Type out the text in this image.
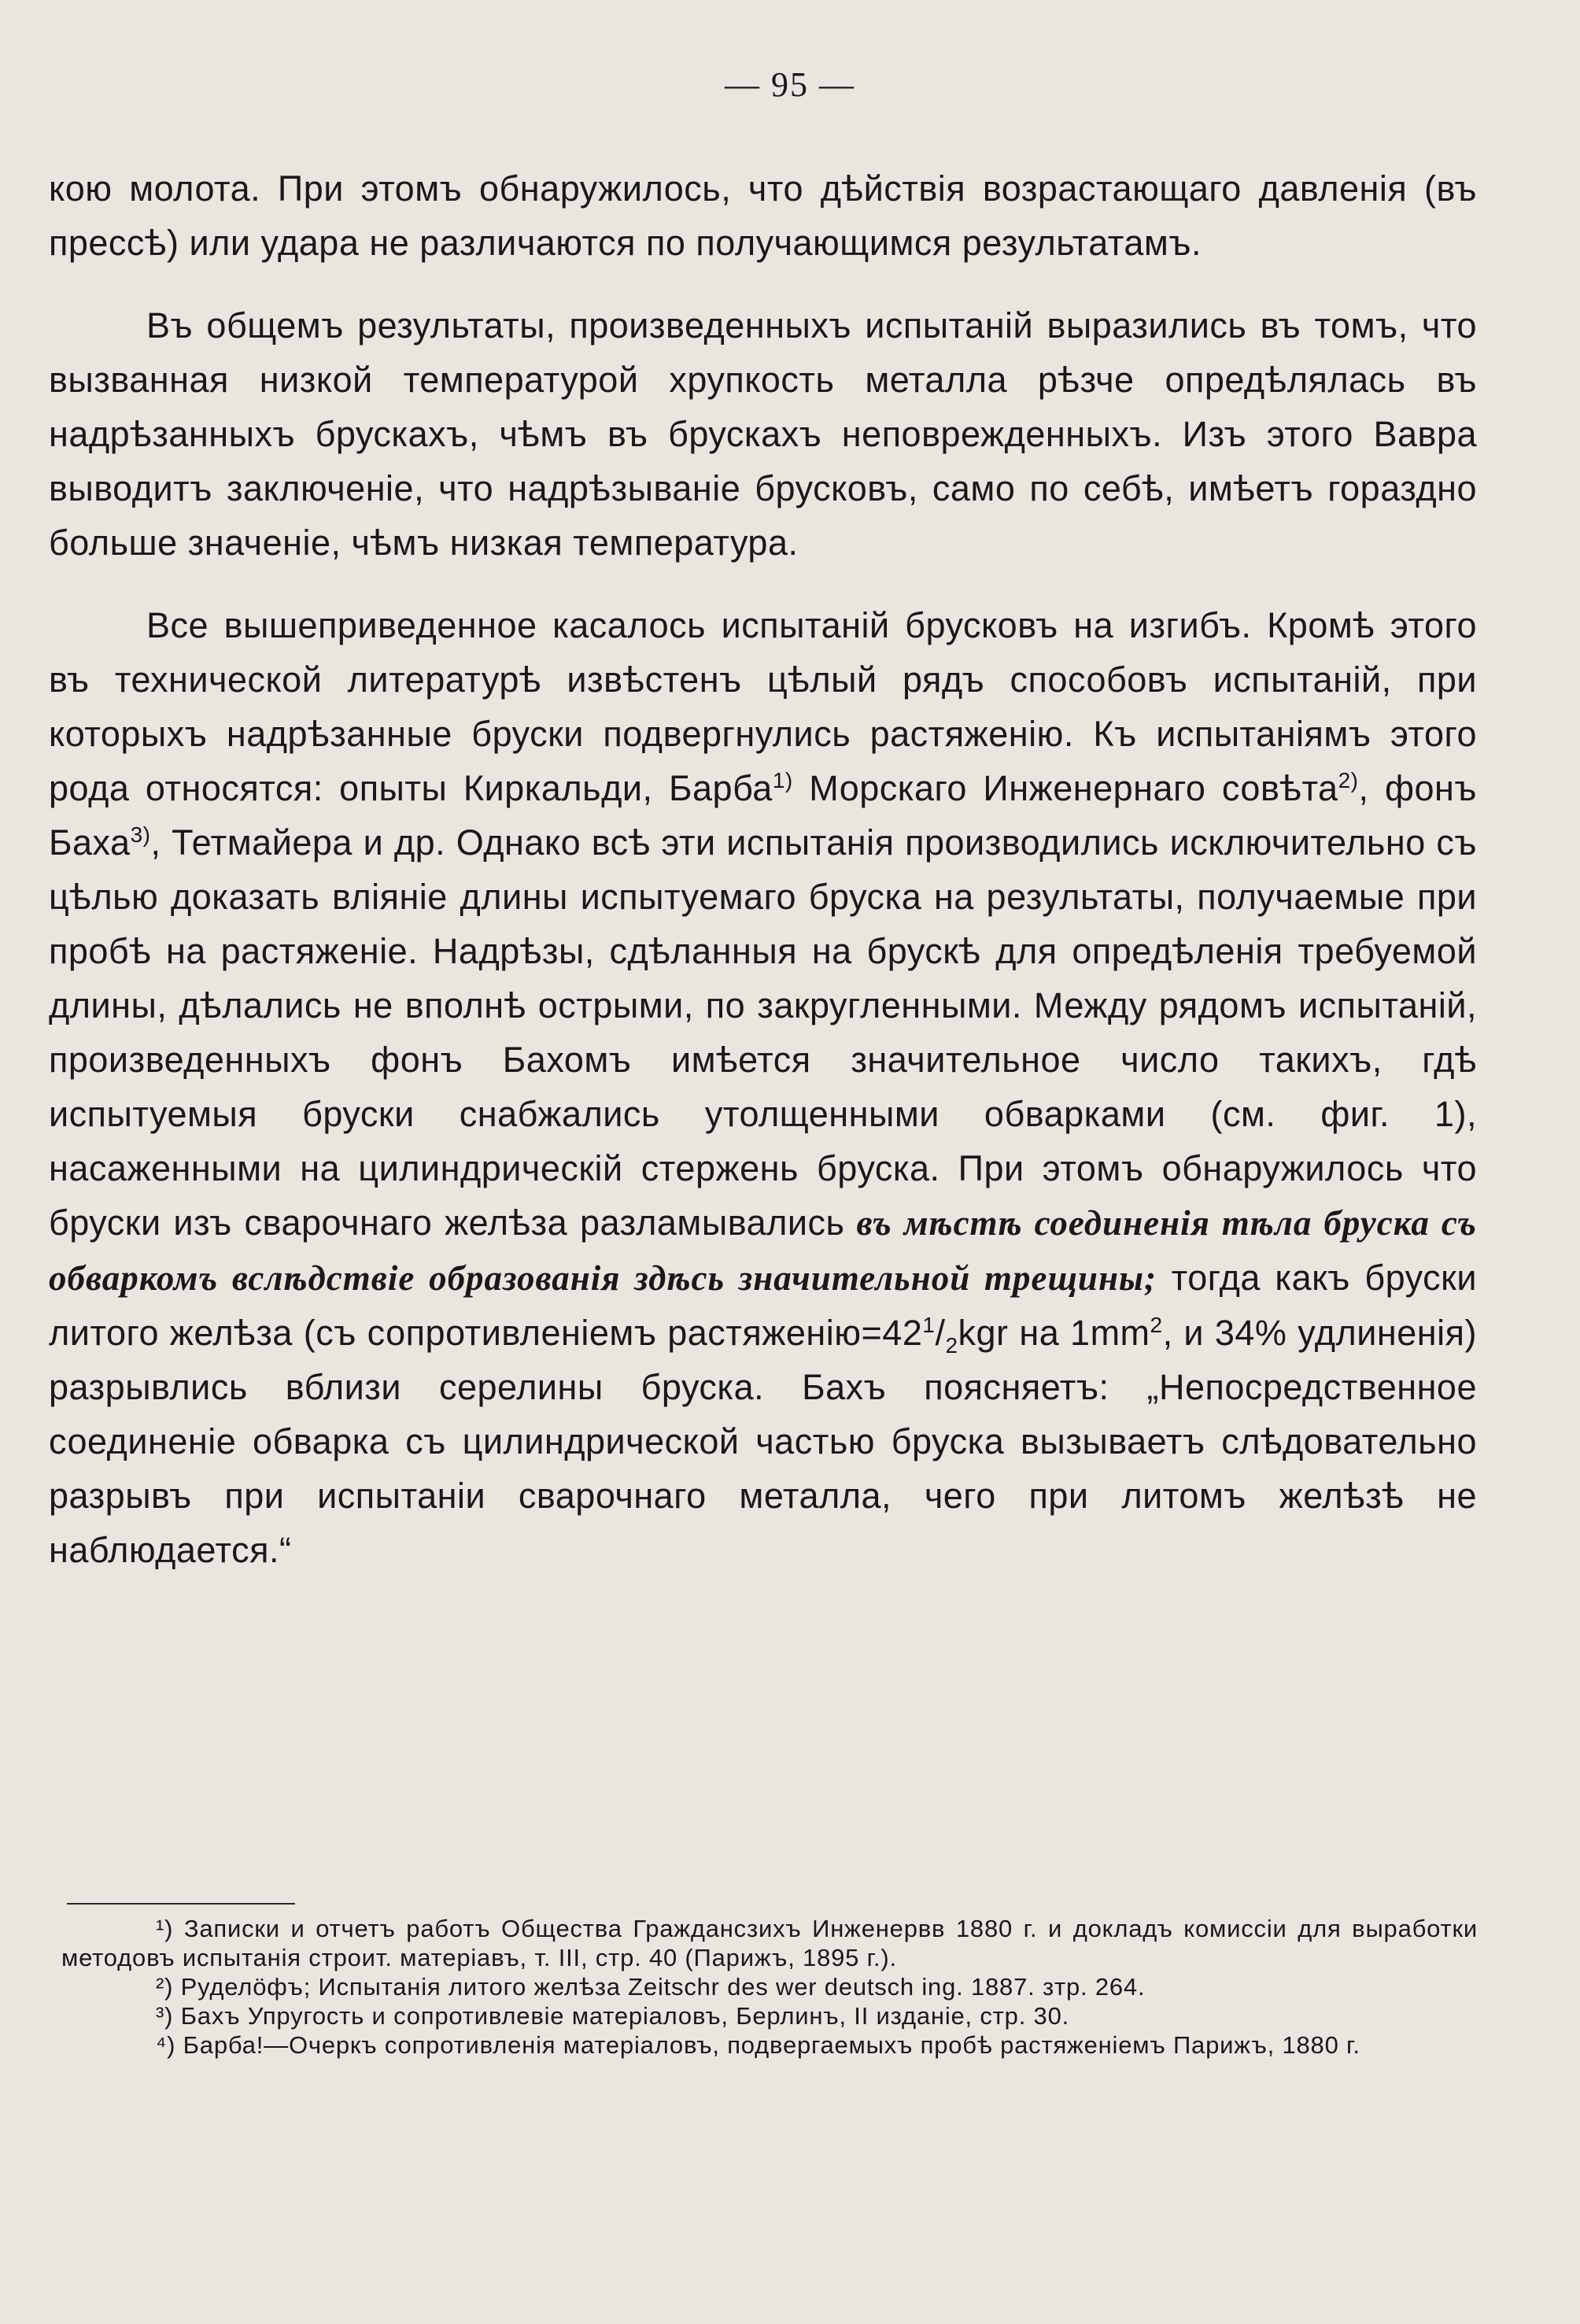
— 95 —

кою молота. При этомъ обнаружилось, что дѣйствія возрастающаго давленія (въ прессѣ) или удара не различаются по получающимся результатамъ.

Въ общемъ результаты, произведенныхъ испытаній выразились въ томъ, что вызванная низкой температурой хрупкость металла рѣзче опредѣлялась въ надрѣзанныхъ брускахъ, чѣмъ въ брускахъ неповрежденныхъ. Изъ этого Вавра выводитъ заключеніе, что надрѣзываніе брусковъ, само по себѣ, имѣетъ гораздно больше значеніе, чѣмъ низкая температура.

Все вышеприведенное касалось испытаній брусковъ на изгибъ. Кромѣ этого въ технической литературѣ извѣстенъ цѣлый рядъ способовъ испытаній, при которыхъ надрѣзанные бруски подвергнулись растяженію. Къ испытаніямъ этого рода относятся: опыты Киркальди, Барба$^{1)}$ Морскаго Инженернаго совѣта$^{2)}$, фонъ Баха$^{3)}$, Тетмайера и др. Однако всѣ эти испытанія производились исключительно съ цѣлью доказать вліяніе длины испытуемаго бруска на результаты, получаемые при пробѣ на растяженіе. Надрѣзы, сдѣланныя на брускѣ для опредѣленія требуемой длины, дѣлались не вполнѣ острыми, по закругленными. Между рядомъ испытаній, произведенныхъ фонъ Бахомъ имѣется значительное число такихъ, гдѣ испытуемыя бруски снабжались утолщенными обварками (см. фиг. 1), насаженными на цилиндрическій стержень бруска. При этомъ обнаружилось что бруски изъ сварочнаго желѣза разламывались въ мѣстѣ соединенія тѣла бруска съ обваркомъ вслѣдствіе образованія здѣсь значительной трещины; тогда какъ бруски литого желѣза (съ сопротивленіемъ $растяженію=42^1/_2kgr$ на $1mm^2$, и 34% удлиненія) разрывлись вблизи серелины бруска. Бахъ поясняетъ: „Непосредственное соединеніе обварка съ цилиндрической частью бруска вызываетъ слѣдовательно разрывъ при испытаніи сварочнаго металла, чего при литомъ желѣзѣ не наблюдается.“

¹) Записки и отчетъ работъ Общества Граждансзихъ Инженервв 1880 г. и докладъ комиссіи для выработки методовъ испытанія строит. матеріавъ, т. III, стр. 40 (Парижъ, 1895 г.).

²) Руделӧфъ; Испытанія литого желѣза Zeitschr des wer deutsch ing. 1887. зтр. 264.

³) Бахъ Упругость и сопротивлевіе матеріаловъ, Берлинъ, II изданіе, стр. 30.

⁴) Барба!—Очеркъ сопротивленія матеріаловъ, подвергаемыхъ пробѣ растяженіемъ Парижъ, 1880 г.
